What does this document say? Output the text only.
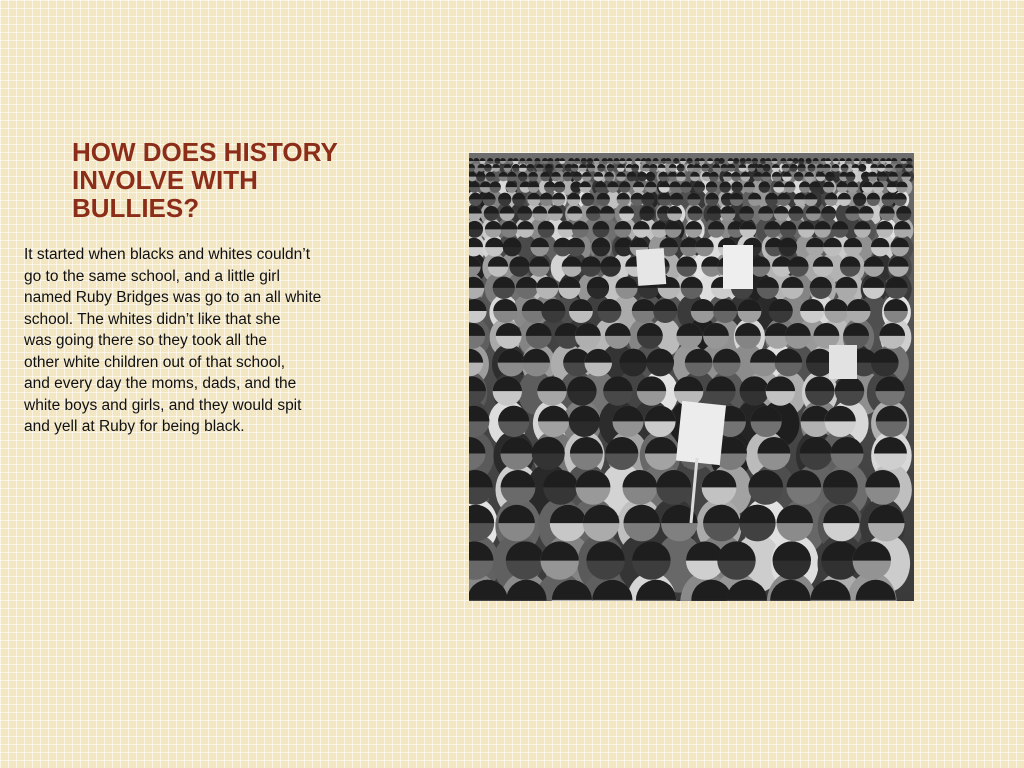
HOW DOES HISTORY
INVOLVE WITH
BULLIES?
It started when blacks and whites couldn’t
go to the same school, and a little girl
named Ruby Bridges was go to an all white
school. The whites didn’t like that she
was going there so they took all the
other white children out of that school,
and every day the moms, dads, and the
white boys and girls, and they would spit
and yell at Ruby for being black.
